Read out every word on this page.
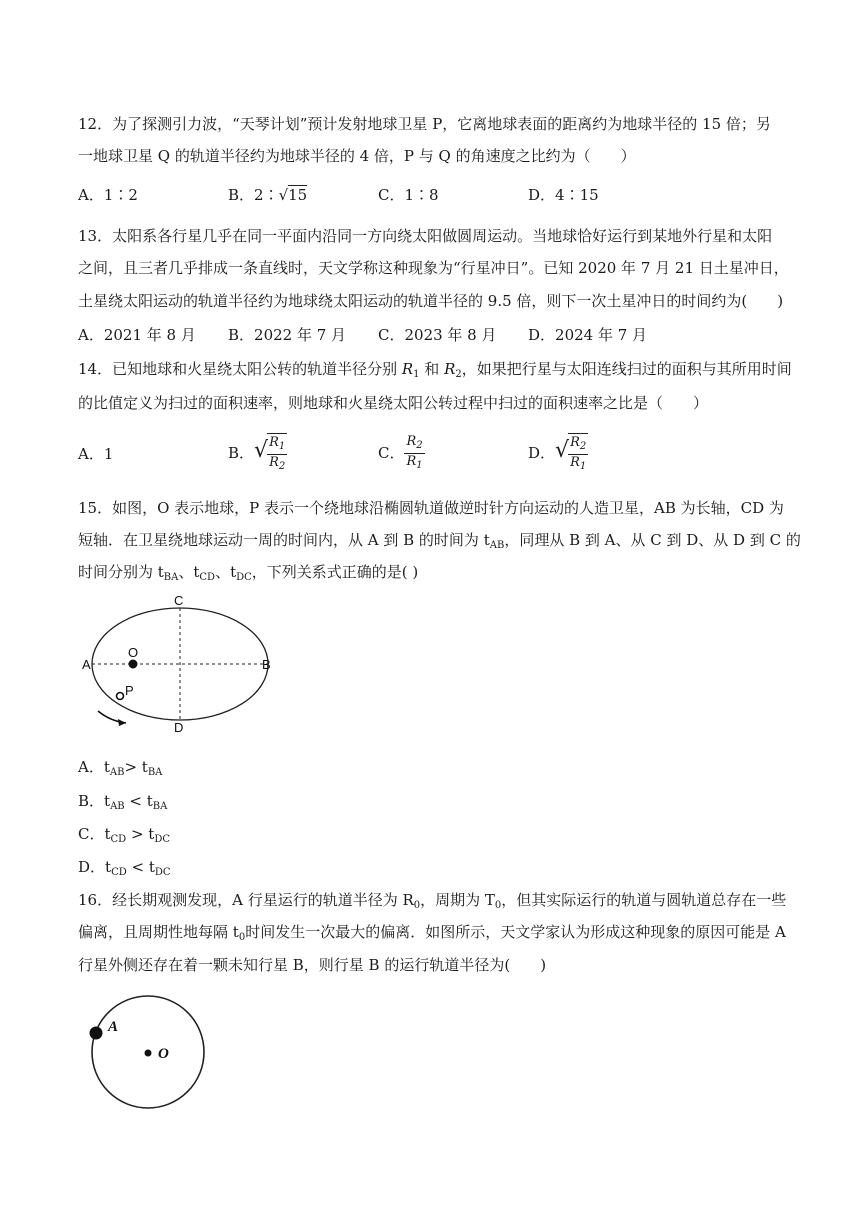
12．为了探测引力波，“天琴计划”预计发射地球卫星 P，它离地球表面的距离约为地球半径的 15 倍；另
一地球卫星 Q 的轨道半径约为地球半径的 4 倍，P 与 Q 的角速度之比约为（　　）
A．1∶2	B．2∶√15	C．1∶8	D．4∶15
13．太阳系各行星几乎在同一平面内沿同一方向绕太阳做圆周运动。当地球恰好运行到某地外行星和太阳
之间，且三者几乎排成一条直线时，天文学称这种现象为“行星冲日”。已知 2020 年 7 月 21 日土星冲日，
土星绕太阳运动的轨道半径约为地球绕太阳运动的轨道半径的 9.5 倍，则下一次土星冲日的时间约为(　　)
A．2021 年 8 月 B．2022 年 7 月 C．2023 年 8 月 D．2024 年 7 月
14．已知地球和火星绕太阳公转的轨道半径分别 $R_1$ 和 $R_2$，如果把行星与太阳连线扫过的面积与其所用时间
的比值定义为扫过的面积速率，则地球和火星绕太阳公转过程中扫过的面积速率之比是（　　）
A．1	B． √ $\frac{R_1}{R_2}$	C． $\frac{R_2}{R_1}$	D． √ $\frac{R_2}{R_1}$
15．如图，O 表示地球，P 表示一个绕地球沿椭圆轨道做逆时针方向运动的人造卫星，AB 为长轴，CD 为
短轴．在卫星绕地球运动一周的时间内，从 A 到 B 的时间为 $t_{AB}$，同理从 B 到 A、从 C 到 D、从 D 到 C 的
时间分别为 $t_{BA}$、$t_{CD}$、$t_{DC}$，下列关系式正确的是( )
C
O
A	B
P
D
A．$t_{AB}> t_{BA}$
B．$t_{AB} < t_{BA}$
C．$t_{CD} > t_{DC}$
D．$t_{CD} < t_{DC}$
16．经长期观测发现，A 行星运行的轨道半径为 $R_0$，周期为 $T_0$，但其实际运行的轨道与圆轨道总存在一些
偏离，且周期性地每隔 $t_0$时间发生一次最大的偏离．如图所示，天文学家认为形成这种现象的原因可能是 A
行星外侧还存在着一颗未知行星 B，则行星 B 的运行轨道半径为(　　)
A
O
